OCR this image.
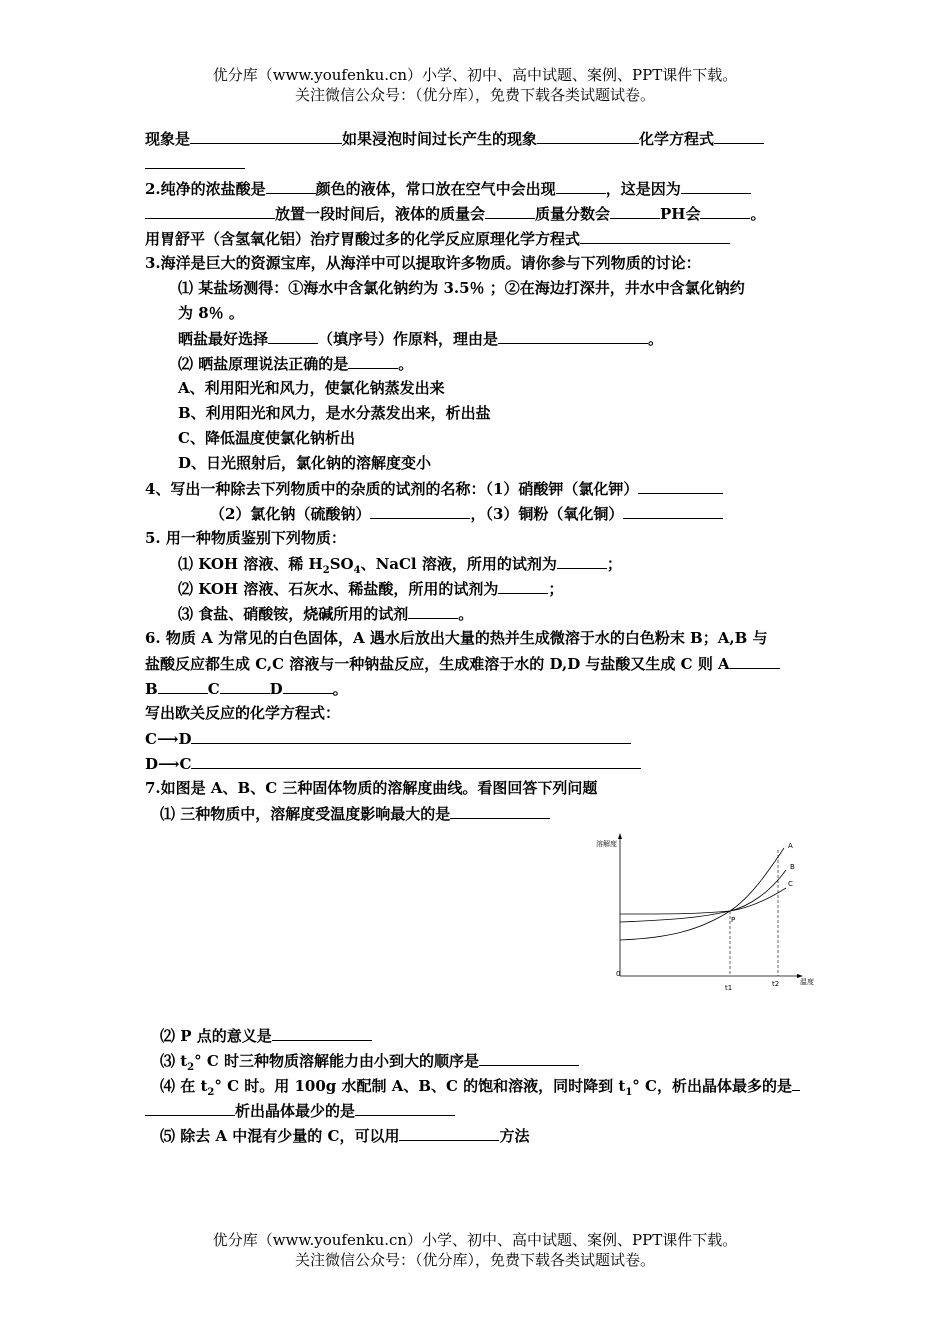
优分库（www.youfenku.cn）小学、初中、高中试题、案例、PPT课件下载。
关注微信公众号：（优分库），免费下载各类试题试卷。
现象是	如果浸泡时间过长产生的现象	化学方程式
2.纯净的浓盐酸是	颜色的液体，常口放在空气中会出现	，这是因为
放置一段时间后，液体的质量会	质量分数会	PH会	。
用胃舒平（含氢氧化铝）治疗胃酸过多的化学反应原理化学方程式
3.海洋是巨大的资源宝库，从海洋中可以提取许多物质。请你参与下列物质的讨论：
⑴ 某盐场测得：①海水中含氯化钠约为 3.5％ ；②在海边打深井，井水中含氯化钠约
为 8％ 。
晒盐最好选择	（填序号）作原料，理由是	。
⑵ 晒盐原理说法正确的是	。
A、利用阳光和风力，使氯化钠蒸发出来
B、利用阳光和风力，是水分蒸发出来，析出盐
C、降低温度使氯化钠析出
D、日光照射后，氯化钠的溶解度变小
4、写出一种除去下列物质中的杂质的试剂的名称：（1）硝酸钾（氯化钾）
（2）氯化钠（硫酸钠）	，（3）铜粉（氧化铜）
5. 用一种物质鉴别下列物质：
⑴ KOH 溶液、稀 $H_2SO_4$、NaCl 溶液，所用的试剂为	；
⑵ KOH 溶液、石灰水、稀盐酸，所用的试剂为	；
⑶ 食盐、硝酸铵，烧碱所用的试剂	。
6. 物质 A 为常见的白色固体，A 遇水后放出大量的热并生成微溶于水的白色粉末 B；A,B 与
盐酸反应都生成 C,C 溶液与一种钠盐反应，生成难溶于水的 D,D 与盐酸又生成 C 则 A
B	C	D	。
写出欧关反应的化学方程式：
C⟶D
D⟶C
7.如图是 A、B、C 三种固体物质的溶解度曲线。看图回答下列问题
⑴ 三种物质中，溶解度受温度影响最大的是
溶解度
温度
0
t1	t2
A
B
C
P
⑵ P 点的意义是
⑶ $t_2^\circ$ C 时三种物质溶解能力由小到大的顺序是
⑷ 在 $t_2^\circ$ C 时。用 100g 水配制 A、B、C 的饱和溶液，同时降到 $t_1^\circ$ C，析出晶体最多的是
析出晶体最少的是
⑸ 除去 A 中混有少量的 C，可以用	方法
优分库（www.youfenku.cn）小学、初中、高中试题、案例、PPT课件下载。
关注微信公众号：（优分库），免费下载各类试题试卷。
